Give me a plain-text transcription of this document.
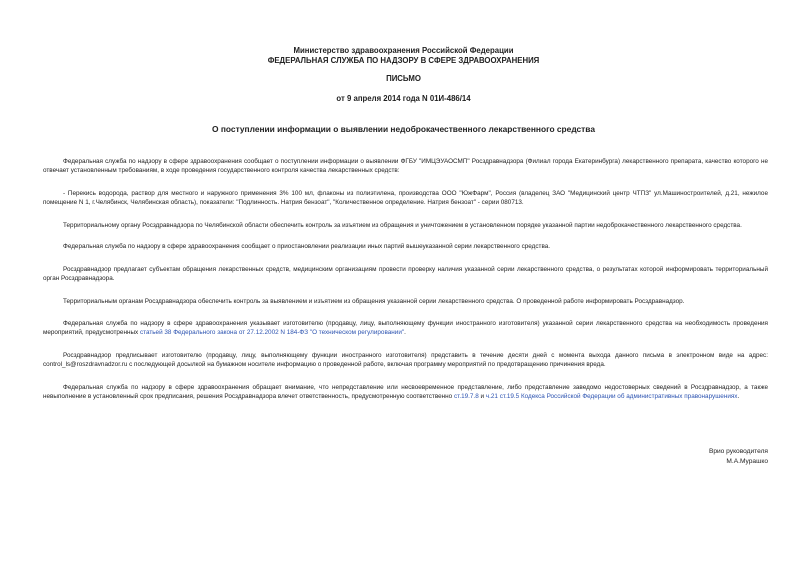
Министерство здравоохранения Российской Федерации
ФЕДЕРАЛЬНАЯ СЛУЖБА ПО НАДЗОРУ В СФЕРЕ ЗДРАВООХРАНЕНИЯ
ПИСЬМО
от 9 апреля 2014 года N 01И-486/14
О поступлении информации о выявлении недоброкачественного лекарственного средства

Федеральная служба по надзору в сфере здравоохранения сообщает о поступлении информации о выявлении ФГБУ "ИМЦЭУАОСМП" Росздравнадзора (Филиал города Екатеринбурга) лекарственного препарата, качество которого не отвечает установленным требованиям, в ходе проведения государственного контроля качества лекарственных средств:

- Перекись водорода, раствор для местного и наружного применения 3% 100 мл, флаконы из полиэтилена, производства ООО "ЮжФарм", Россия (владелец ЗАО "Медицинский центр ЧТПЗ" ул.Машиностроителей, д.21, нежилое помещение N 1, г.Челябинск, Челябинская область), показатели: "Подлинность. Натрия бензоат", "Количественное определение. Натрия бензоат" - серии 080713.

Территориальному органу Росздравнадзора по Челябинской области обеспечить контроль за изъятием из обращения и уничтожением в установленном порядке указанной партии недоброкачественного лекарственного средства.

Федеральная служба по надзору в сфере здравоохранения сообщает о приостановлении реализации иных партий вышеуказанной серии лекарственного средства.

Росздравнадзор предлагает субъектам обращения лекарственных средств, медицинским организациям провести проверку наличия указанной серии лекарственного средства, о результатах которой информировать территориальный орган Росздравнадзора.

Территориальным органам Росздравнадзора обеспечить контроль за выявлением и изъятием из обращения указанной серии лекарственного средства. О проведенной работе информировать Росздравнадзор.

Федеральная служба по надзору в сфере здравоохранения указывает изготовителю (продавцу, лицу, выполняющему функции иностранного изготовителя) указанной серии лекарственного средства на необходимость проведения мероприятий, предусмотренных статьей 38 Федерального закона от 27.12.2002 N 184-ФЗ "О техническом регулировании".

Росздравнадзор предписывает изготовителю (продавцу, лицу, выполняющему функции иностранного изготовителя) представить в течение десяти дней с момента выхода данного письма в электронном виде на адрес: control_ls@roszdravnadzor.ru с последующей досылкой на бумажном носителе информацию о проведенной работе, включая программу мероприятий по предотвращению причинения вреда.

Федеральная служба по надзору в сфере здравоохранения обращает внимание, что непредставление или несвоевременное представление, либо представление заведомо недостоверных сведений в Росздравнадзор, а также невыполнение в установленный срок предписания, решения Росздравнадзора влечет ответственность, предусмотренную соответственно ст.19.7.8 и ч.21 ст.19.5 Кодекса Российской Федерации об административных правонарушениях.

Врио руководителя
М.А.Мурашко
